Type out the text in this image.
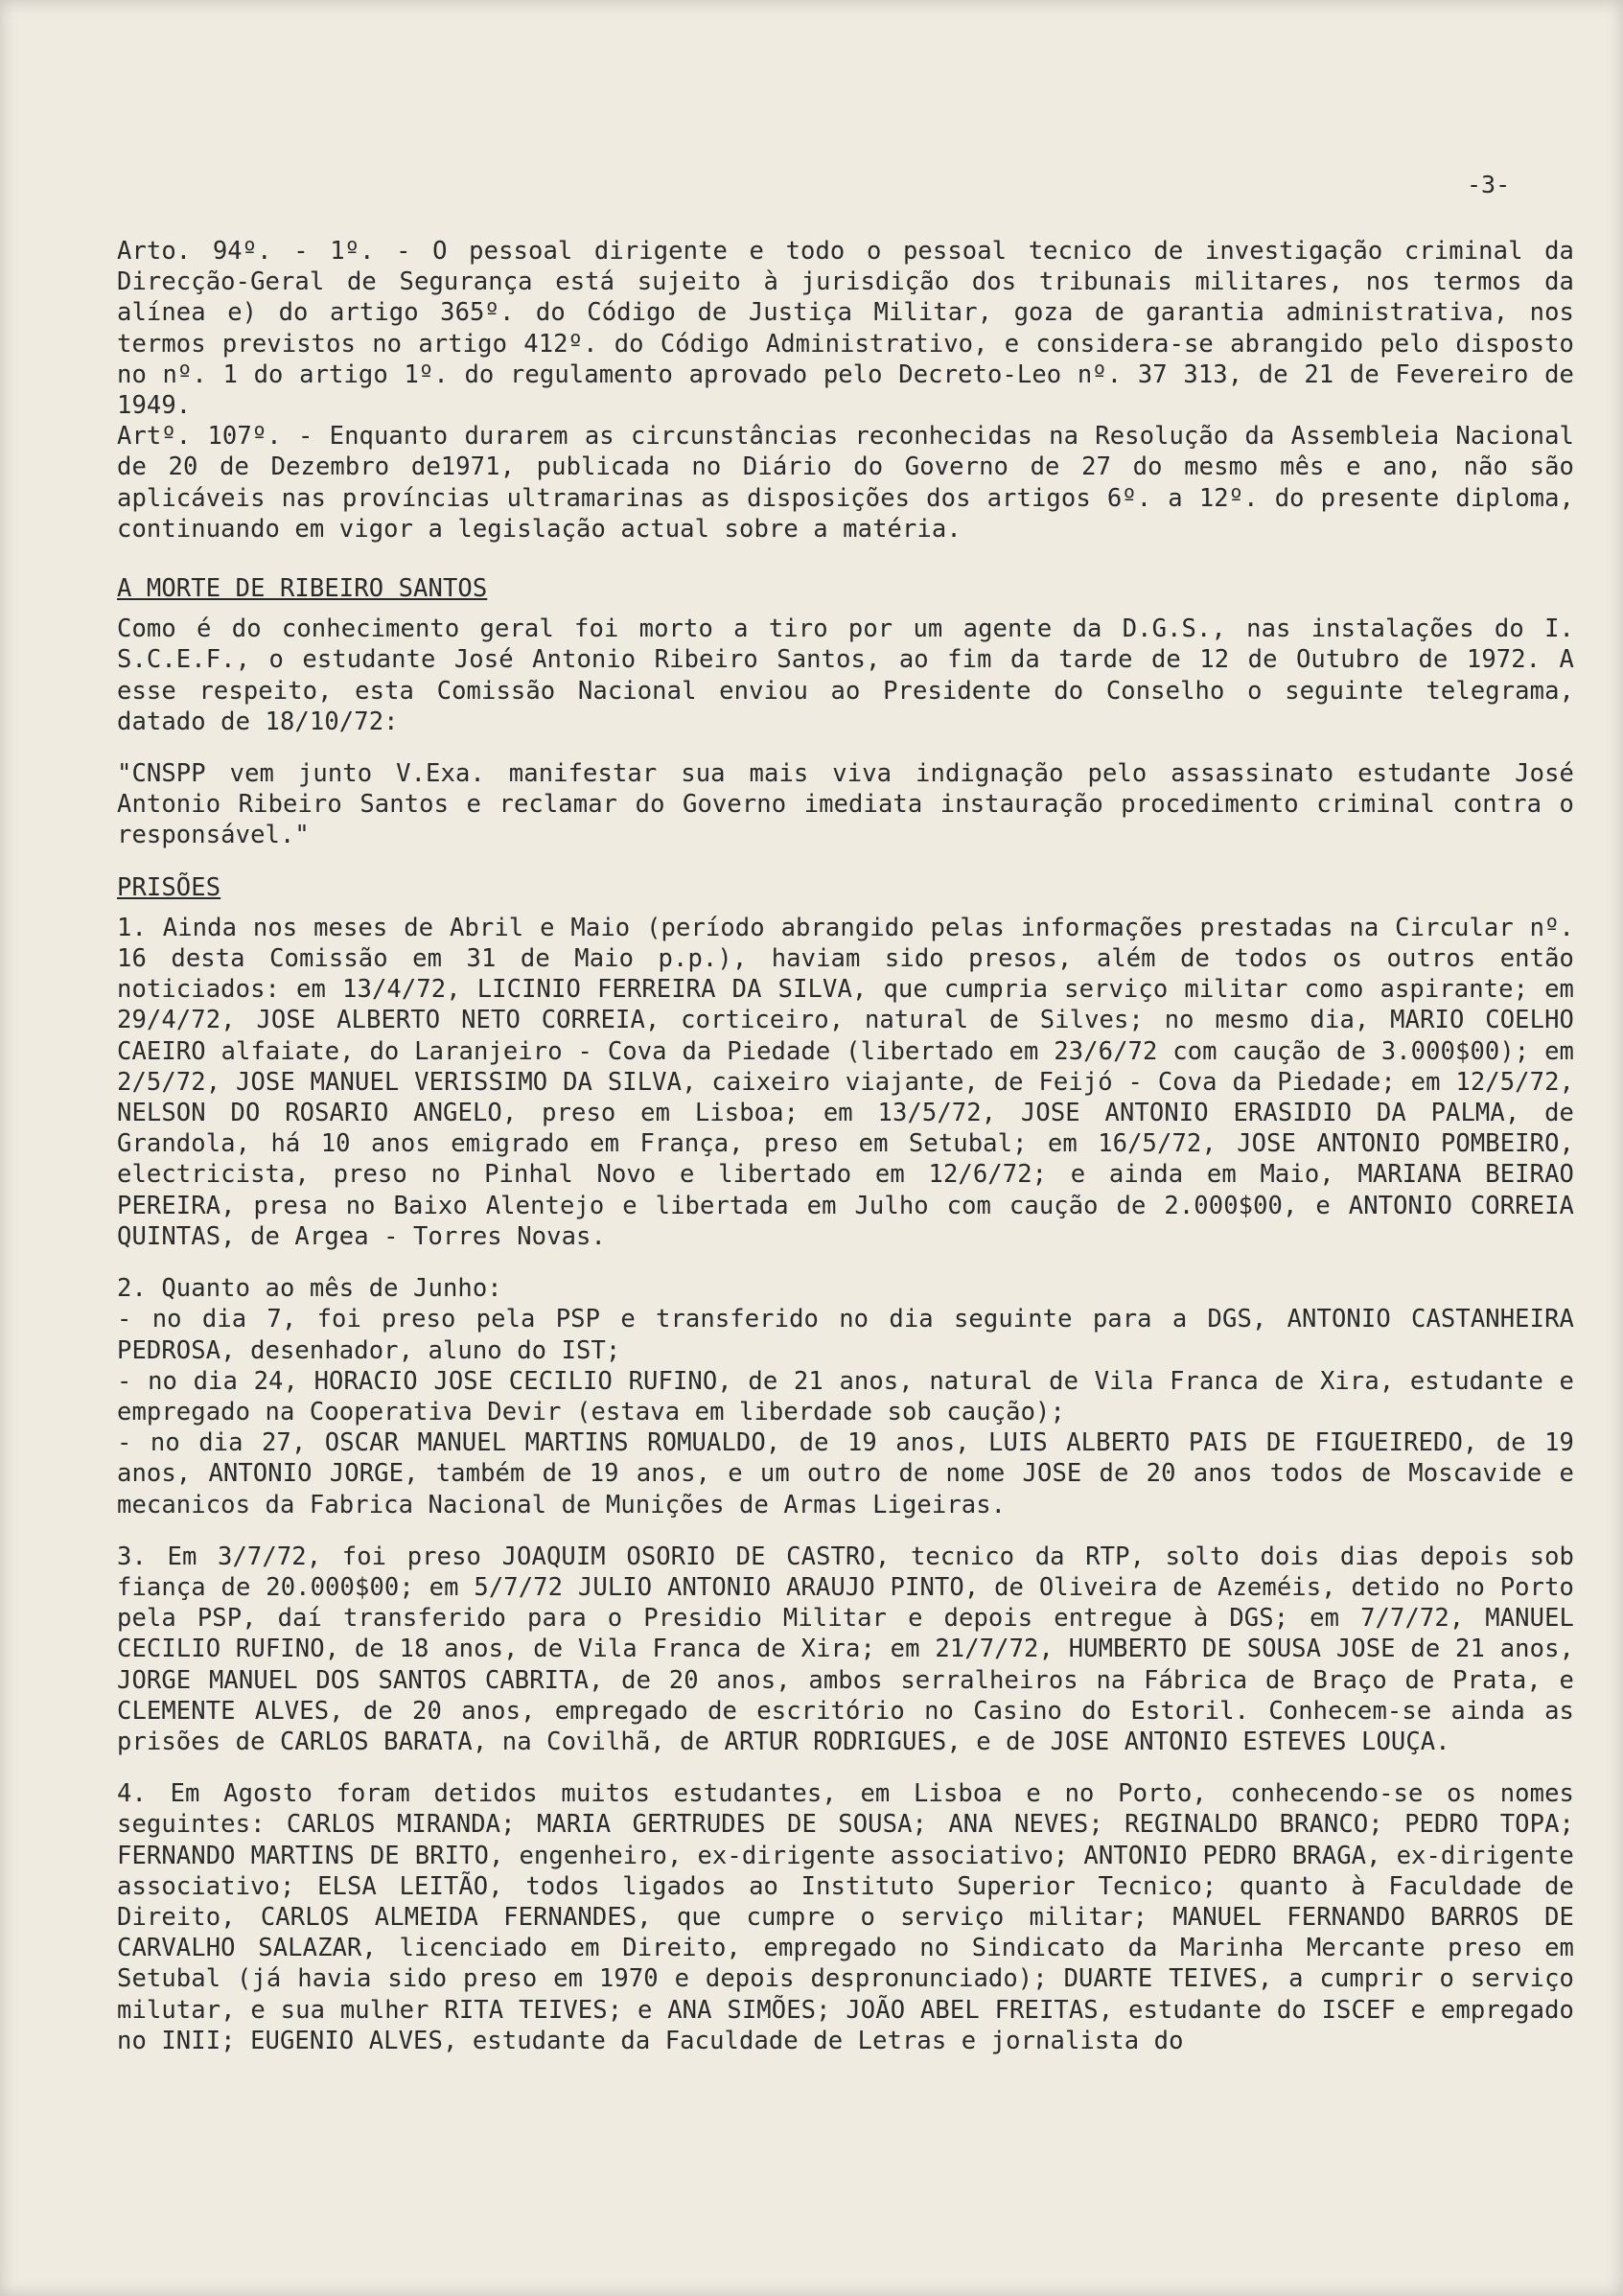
-3-

Arto. 94º. - 1º. - O pessoal dirigente e todo o pessoal tecnico de investigação criminal da Direcção-Geral de Segurança está sujeito à jurisdição dos tribunais militares, nos termos da alínea e) do artigo 365º. do Código de Justiça Militar, goza de garantia administrativa, nos termos previstos no artigo 412º. do Código Administrativo, e considera-se abrangido pelo disposto no nº. 1 do artigo 1º. do regulamento aprovado pelo Decreto-Leo nº. 37 313, de 21 de Fevereiro de 1949.

Artº. 107º. - Enquanto durarem as circunstâncias reconhecidas na Resolução da Assembleia Nacional de 20 de Dezembro de1971, publicada no Diário do Governo de 27 do mesmo mês e ano, não são aplicáveis nas províncias ultramarinas as disposições dos artigos 6º. a 12º. do presente diploma, continuando em vigor a legislação actual sobre a matéria.

A MORTE DE RIBEIRO SANTOS

Como é do conhecimento geral foi morto a tiro por um agente da D.G.S., nas instalações do I. S.C.E.F., o estudante José Antonio Ribeiro Santos, ao fim da tarde de 12 de Outubro de 1972. A esse respeito, esta Comissão Nacional enviou ao Presidente do Conselho o seguinte telegrama, datado de 18/10/72:

"CNSPP vem junto V.Exa. manifestar sua mais viva indignação pelo assassinato estudante José Antonio Ribeiro Santos e reclamar do Governo imediata instauração procedimento criminal contra o responsável."

PRISÕES

1. Ainda nos meses de Abril e Maio (período abrangido pelas informações prestadas na Circular nº. 16 desta Comissão em 31 de Maio p.p.), haviam sido presos, além de todos os outros então noticiados: em 13/4/72, LICINIO FERREIRA DA SILVA, que cumpria serviço militar como aspirante; em 29/4/72, JOSE ALBERTO NETO CORREIA, corticeiro, natural de Silves; no mesmo dia, MARIO COELHO CAEIRO alfaiate, do Laranjeiro - Cova da Piedade (libertado em 23/6/72 com caução de 3.000$00); em 2/5/72, JOSE MANUEL VERISSIMO DA SILVA, caixeiro viajante, de Feijó - Cova da Piedade; em 12/5/72, NELSON DO ROSARIO ANGELO, preso em Lisboa; em 13/5/72, JOSE ANTONIO ERASIDIO DA PALMA, de Grandola, há 10 anos emigrado em França, preso em Setubal; em 16/5/72, JOSE ANTONIO POMBEIRO, electricista, preso no Pinhal Novo e libertado em 12/6/72; e ainda em Maio, MARIANA BEIRAO PEREIRA, presa no Baixo Alentejo e libertada em Julho com caução de 2.000$00, e ANTONIO CORREIA QUINTAS, de Argea - Torres Novas.

2. Quanto ao mês de Junho:

- no dia 7, foi preso pela PSP e transferido no dia seguinte para a DGS, ANTONIO CASTANHEIRA PEDROSA, desenhador, aluno do IST;

- no dia 24, HORACIO JOSE CECILIO RUFINO, de 21 anos, natural de Vila Franca de Xira, estudante e empregado na Cooperativa Devir (estava em liberdade sob caução);

- no dia 27, OSCAR MANUEL MARTINS ROMUALDO, de 19 anos, LUIS ALBERTO PAIS DE FIGUEIREDO, de 19 anos, ANTONIO JORGE, também de 19 anos, e um outro de nome JOSE de 20 anos todos de Moscavide e mecanicos da Fabrica Nacional de Munições de Armas Ligeiras.

3. Em 3/7/72, foi preso JOAQUIM OSORIO DE CASTRO, tecnico da RTP, solto dois dias depois sob fiança de 20.000$00; em 5/7/72 JULIO ANTONIO ARAUJO PINTO, de Oliveira de Azeméis, detido no Porto pela PSP, daí transferido para o Presidio Militar e depois entregue à DGS; em 7/7/72, MANUEL CECILIO RUFINO, de 18 anos, de Vila Franca de Xira; em 21/7/72, HUMBERTO DE SOUSA JOSE de 21 anos, JORGE MANUEL DOS SANTOS CABRITA, de 20 anos, ambos serralheiros na Fábrica de Braço de Prata, e CLEMENTE ALVES, de 20 anos, empregado de escritório no Casino do Estoril. Conhecem-se ainda as prisões de CARLOS BARATA, na Covilhã, de ARTUR RODRIGUES, e de JOSE ANTONIO ESTEVES LOUÇA.

4. Em Agosto foram detidos muitos estudantes, em Lisboa e no Porto, conhecendo-se os nomes seguintes: CARLOS MIRANDA; MARIA GERTRUDES DE SOUSA; ANA NEVES; REGINALDO BRANCO; PEDRO TOPA; FERNANDO MARTINS DE BRITO, engenheiro, ex-dirigente associativo; ANTONIO PEDRO BRAGA, ex-dirigente associativo; ELSA LEITÃO, todos ligados ao Instituto Superior Tecnico; quanto à Faculdade de Direito, CARLOS ALMEIDA FERNANDES, que cumpre o serviço militar; MANUEL FERNANDO BARROS DE CARVALHO SALAZAR, licenciado em Direito, empregado no Sindicato da Marinha Mercante preso em Setubal (já havia sido preso em 1970 e depois despronunciado); DUARTE TEIVES, a cumprir o serviço milutar, e sua mulher RITA TEIVES; e ANA SIMÕES; JOÃO ABEL FREITAS, estudante do ISCEF e empregado no INII; EUGENIO ALVES, estudante da Faculdade de Letras e jornalista do
